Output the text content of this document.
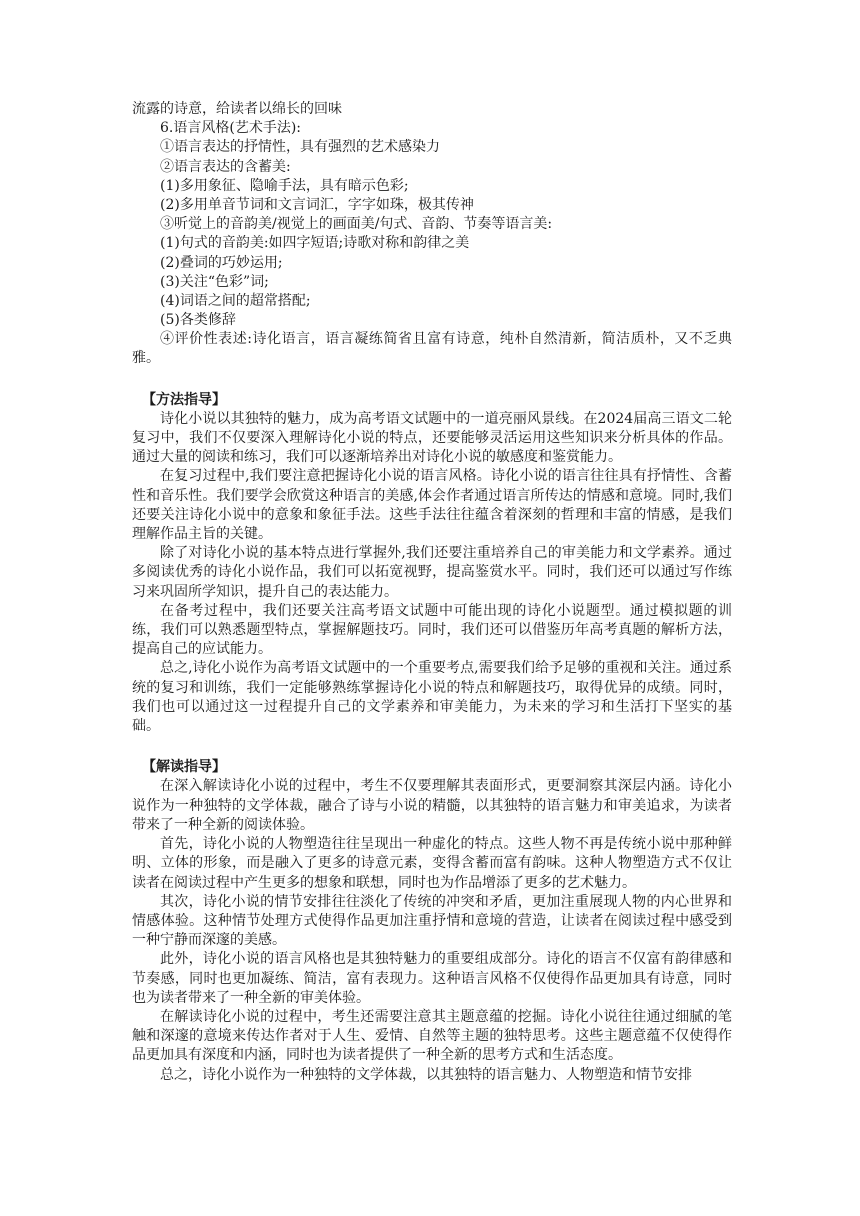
流露的诗意，给读者以绵长的回味
6.语言风格(艺术手法):
①语言表达的抒情性，具有强烈的艺术感染力
②语言表达的含蓄美:
(1)多用象征、隐喻手法，具有暗示色彩;
(2)多用单音节词和文言词汇，字字如珠，极其传神
③听觉上的音韵美/视觉上的画面美/句式、音韵、节奏等语言美:
(1)句式的音韵美:如四字短语;诗歌对称和韵律之美
(2)叠词的巧妙运用;
(3)关注“色彩”词;
(4)词语之间的超常搭配;
(5)各类修辞

④评价性表述:诗化语言，语言凝练简省且富有诗意，纯朴自然清新，简洁质朴，又不乏典雅。

【方法指导】

诗化小说以其独特的魅力，成为高考语文试题中的一道亮丽风景线。在2024届高三语文二轮复习中，我们不仅要深入理解诗化小说的特点，还要能够灵活运用这些知识来分析具体的作品。通过大量的阅读和练习，我们可以逐渐培养出对诗化小说的敏感度和鉴赏能力。

在复习过程中,我们要注意把握诗化小说的语言风格。诗化小说的语言往往具有抒情性、含蓄性和音乐性。我们要学会欣赏这种语言的美感,体会作者通过语言所传达的情感和意境。同时,我们还要关注诗化小说中的意象和象征手法。这些手法往往蕴含着深刻的哲理和丰富的情感，是我们理解作品主旨的关键。

除了对诗化小说的基本特点进行掌握外,我们还要注重培养自己的审美能力和文学素养。通过多阅读优秀的诗化小说作品，我们可以拓宽视野，提高鉴赏水平。同时，我们还可以通过写作练习来巩固所学知识，提升自己的表达能力。

在备考过程中，我们还要关注高考语文试题中可能出现的诗化小说题型。通过模拟题的训练，我们可以熟悉题型特点，掌握解题技巧。同时，我们还可以借鉴历年高考真题的解析方法，提高自己的应试能力。

总之,诗化小说作为高考语文试题中的一个重要考点,需要我们给予足够的重视和关注。通过系统的复习和训练，我们一定能够熟练掌握诗化小说的特点和解题技巧，取得优异的成绩。同时，我们也可以通过这一过程提升自己的文学素养和审美能力，为未来的学习和生活打下坚实的基础。

【解读指导】

在深入解读诗化小说的过程中，考生不仅要理解其表面形式，更要洞察其深层内涵。诗化小说作为一种独特的文学体裁，融合了诗与小说的精髓，以其独特的语言魅力和审美追求，为读者带来了一种全新的阅读体验。

首先，诗化小说的人物塑造往往呈现出一种虚化的特点。这些人物不再是传统小说中那种鲜明、立体的形象，而是融入了更多的诗意元素，变得含蓄而富有韵味。这种人物塑造方式不仅让读者在阅读过程中产生更多的想象和联想，同时也为作品增添了更多的艺术魅力。

其次，诗化小说的情节安排往往淡化了传统的冲突和矛盾，更加注重展现人物的内心世界和情感体验。这种情节处理方式使得作品更加注重抒情和意境的营造，让读者在阅读过程中感受到一种宁静而深邃的美感。

此外，诗化小说的语言风格也是其独特魅力的重要组成部分。诗化的语言不仅富有韵律感和节奏感，同时也更加凝练、简洁，富有表现力。这种语言风格不仅使得作品更加具有诗意，同时也为读者带来了一种全新的审美体验。

在解读诗化小说的过程中，考生还需要注意其主题意蕴的挖掘。诗化小说往往通过细腻的笔触和深邃的意境来传达作者对于人生、爱情、自然等主题的独特思考。这些主题意蕴不仅使得作品更加具有深度和内涵，同时也为读者提供了一种全新的思考方式和生活态度。

总之，诗化小说作为一种独特的文学体裁，以其独特的语言魅力、人物塑造和情节安排
